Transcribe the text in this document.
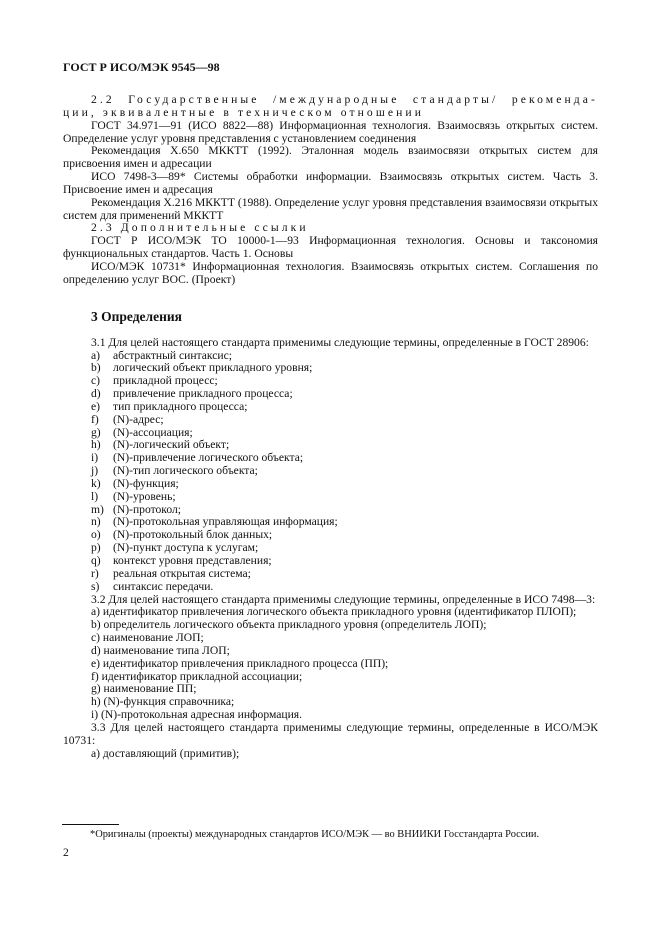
ГОСТ Р ИСО/МЭК 9545—98

2.2 Государственные /международные стандарты/ рекоменда-

ции, эквивалентные в техническом отношении

ГОСТ 34.971—91 (ИСО 8822—88) Информационная технология. Взаимосвязь открытых систем. Определение услуг уровня представления с установлением соединения

Рекомендация Х.650 МККТТ (1992). Эталонная модель взаимосвязи открытых систем для присвоения имен и адресации

ИСО 7498-3—89* Системы обработки информации. Взаимосвязь открытых систем. Часть 3. Присвоение имен и адресация

Рекомендация Х.216 МККТТ (1988). Определение услуг уровня представления взаимосвязи открытых систем для применений МККТТ

2.3 Дополнительные ссылки

ГОСТ Р ИСО/МЭК ТО 10000-1—93 Информационная технология. Основы и таксономия функциональных стандартов. Часть 1. Основы

ИСО/МЭК 10731* Информационная технология. Взаимосвязь открытых систем. Соглашения по определению услуг ВОС. (Проект)

3 Определения

3.1 Для целей настоящего стандарта применимы следующие термины, определенные в ГОСТ 28906:

a) абстрактный синтаксис;
b) логический объект прикладного уровня;
c) прикладной процесс;
d) привлечение прикладного процесса;
e) тип прикладного процесса;
f) (N)-адрес;
g) (N)-ассоциация;
h) (N)-логический объект;
i) (N)-привлечение логического объекта;
j) (N)-тип логического объекта;
k) (N)-функция;
l) (N)-уровень;
m) (N)-протокол;
n) (N)-протокольная управляющая информация;
o) (N)-протокольный блок данных;
p) (N)-пункт доступа к услугам;
q) контекст уровня представления;
r) реальная открытая система;
s) синтаксис передачи.

3.2 Для целей настоящего стандарта применимы следующие термины, определенные в ИСО 7498—3:

a) идентификатор привлечения логического объекта прикладного уровня (идентификатор ПЛОП);

b) определитель логического объекта прикладного уровня (определитель ЛОП);

c) наименование ЛОП;

d) наименование типа ЛОП;

e) идентификатор привлечения прикладного процесса (ПП);

f) идентификатор прикладной ассоциации;

g) наименование ПП;

h) (N)-функция справочника;

i) (N)-протокольная адресная информация.

3.3 Для целей настоящего стандарта применимы следующие термины, определенные в ИСО/МЭК 10731:

a) доставляющий (примитив);

*Оригиналы (проекты) международных стандартов ИСО/МЭК — во ВНИИКИ Госстандарта России.
2
